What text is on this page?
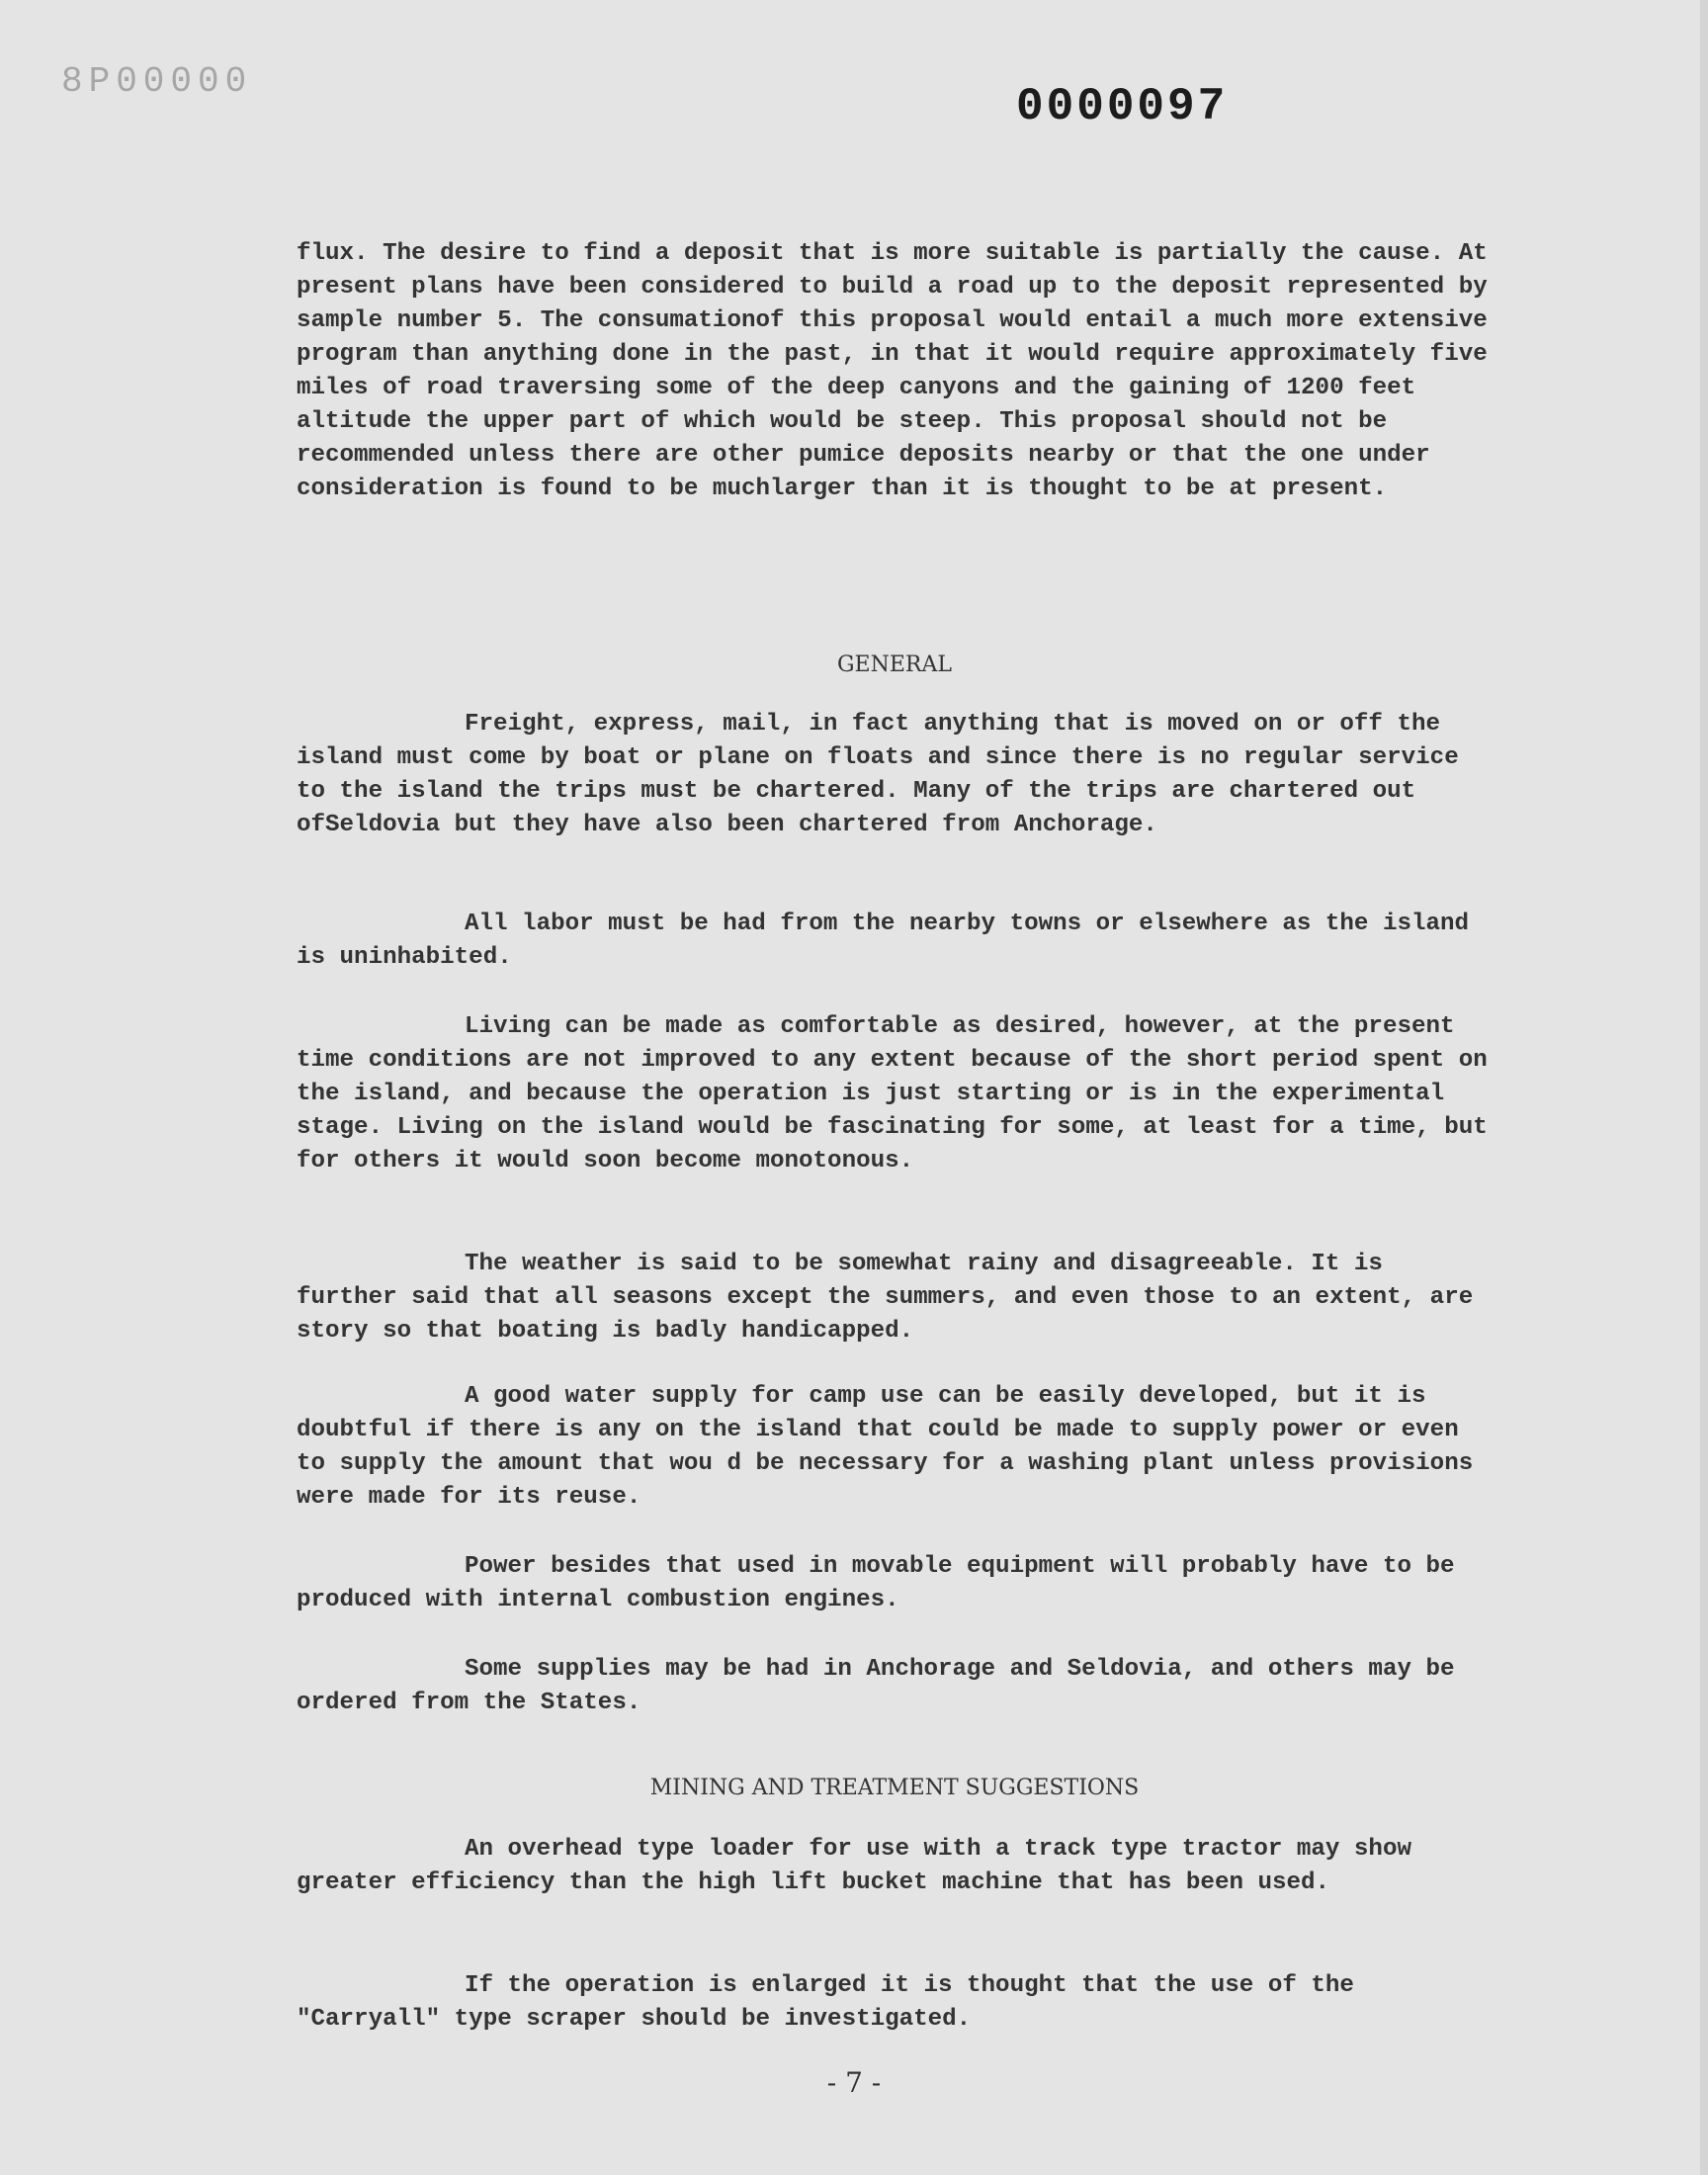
8P00000	0000097

flux. The desire to find a deposit that is more suitable is partially the cause. At present plans have been considered to build a road up to the deposit represented by sample number 5. The consumationof this proposal would entail a much more extensive program than anything done in the past, in that it would require approximately five miles of road traversing some of the deep canyons and the gaining of 1200 feet altitude the upper part of which would be steep. This proposal should not be recommended unless there are other pumice deposits nearby or that the one under consideration is found to be muchlarger than it is thought to be at present.

GENERAL

Freight, express, mail, in fact anything that is moved on or off the island must come by boat or plane on floats and since there is no regular service to the island the trips must be chartered. Many of the trips are chartered out ofSeldovia but they have also been chartered from Anchorage.

All labor must be had from the nearby towns or elsewhere as the island is uninhabited.

Living can be made as comfortable as desired, however, at the present time conditions are not improved to any extent because of the short period spent on the island, and because the operation is just starting or is in the experimental stage. Living on the island would be fascinating for some, at least for a time, but for others it would soon become monotonous.

The weather is said to be somewhat rainy and disagreeable. It is further said that all seasons except the summers, and even those to an extent, are story so that boating is badly handicapped.

A good water supply for camp use can be easily developed, but it is doubtful if there is any on the island that could be made to supply power or even to supply the amount that wou d be necessary for a washing plant unless provisions were made for its reuse.

Power besides that used in movable equipment will probably have to be produced with internal combustion engines.

Some supplies may be had in Anchorage and Seldovia, and others may be ordered from the States.

MINING AND TREATMENT SUGGESTIONS

An overhead type loader for use with a track type tractor may show greater efficiency than the high lift bucket machine that has been used.

If the operation is enlarged it is thought that the use of the "Carryall" type scraper should be investigated.

- 7 -
